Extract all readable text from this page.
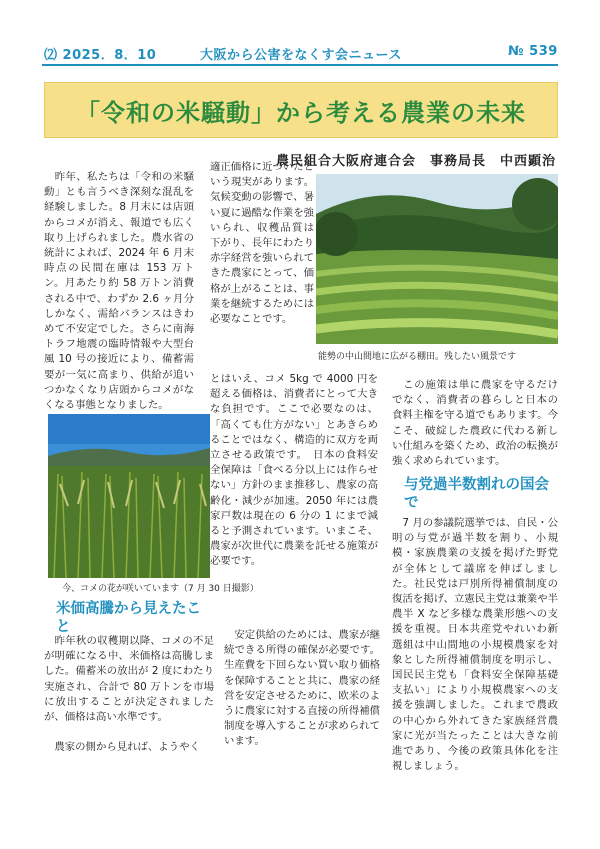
⑵ 2025．8．10	大阪から公害をなくす会ニュース	№ 539
「令和の米騒動」から考える農業の未来
農民組合大阪府連合会　事務局長　中西顕治
能勢の中山間地に広がる棚田。残したい風景です
今、コメの花が咲いています（7 月 30 日撮影）
　昨年、私たちは「令和の米騒動」とも言うべき深刻な混乱を経験しました。8 月末には店頭からコメが消え、報道でも広く取り上げられました。農水省の統計によれば、2024 年 6 月末時点の民間在庫は 153 万トン。月あたり約 58 万トン消費される中で、わずか 2.6 ヶ月分しかなく、需給バランスはきわめて不安定でした。さらに南海トラフ地震の臨時情報や大型台風 10 号の接近により、備蓄需要が一気に高まり、供給が追いつかなくなり店頭からコメがなくなる事態となりました。
適正価格に近づいたという現実があります。気候変動の影響で、暑い夏に過酷な作業を強いられ、収穫品質は下がり、長年にわたり赤字経営を強いられてきた農家にとって、価格が上がることは、事業を継続するためには必要なことです。
とはいえ、コメ 5kg で 4000 円を超える価格は、消費者にとって大きな負担です。ここで必要なのは、「高くても仕方がない」とあきらめることではなく、構造的に双方を両立させる政策です。　日本の食料安全保障は「食べる分以上には作らせない」方針のまま推移し、農家の高齢化・減少が加速。2050 年には農家戸数は現在の 6 分の 1 にまで減ると予測されています。いまこそ、農家が次世代に農業を託せる施策が必要です。
　安定供給のためには、農家が継続できる所得の確保が必要です。生産費を下回らない買い取り価格を保障することと共に、農家の経営を安定させるために、欧米のように農家に対する直接の所得補償制度を導入することが求められています。
米価高騰から見えたこと
　昨年秋の収穫期以降、コメの不足が明確になる中、米価格は高騰しました。備蓄米の放出が 2 度にわたり実施され、合計で 80 万トンを市場に放出することが決定されましたが、価格は高い水準です。

　農家の側から見れば、ようやく
　この施策は単に農家を守るだけでなく、消費者の暮らしと日本の食料主権を守る道でもあります。今こそ、破綻した農政に代わる新しい仕組みを築くため、政治の転換が強く求められています。
与党過半数割れの国会で
　7 月の参議院選挙では、自民・公明の与党が過半数を割り、小規模・家族農業の支援を掲げた野党が全体として議席を伸ばしました。社民党は戸別所得補償制度の復活を掲げ、立憲民主党は兼業や半農半 X など多様な農業形態への支援を重視。日本共産党やれいわ新選組は中山間地の小規模農家を対象とした所得補償制度を明示し、国民民主党も「食料安全保障基礎支払い」により小規模農家への支援を強調しました。これまで農政の中心から外れてきた家族経営農家に光が当たったことは大きな前進であり、今後の政策具体化を注視しましょう。
